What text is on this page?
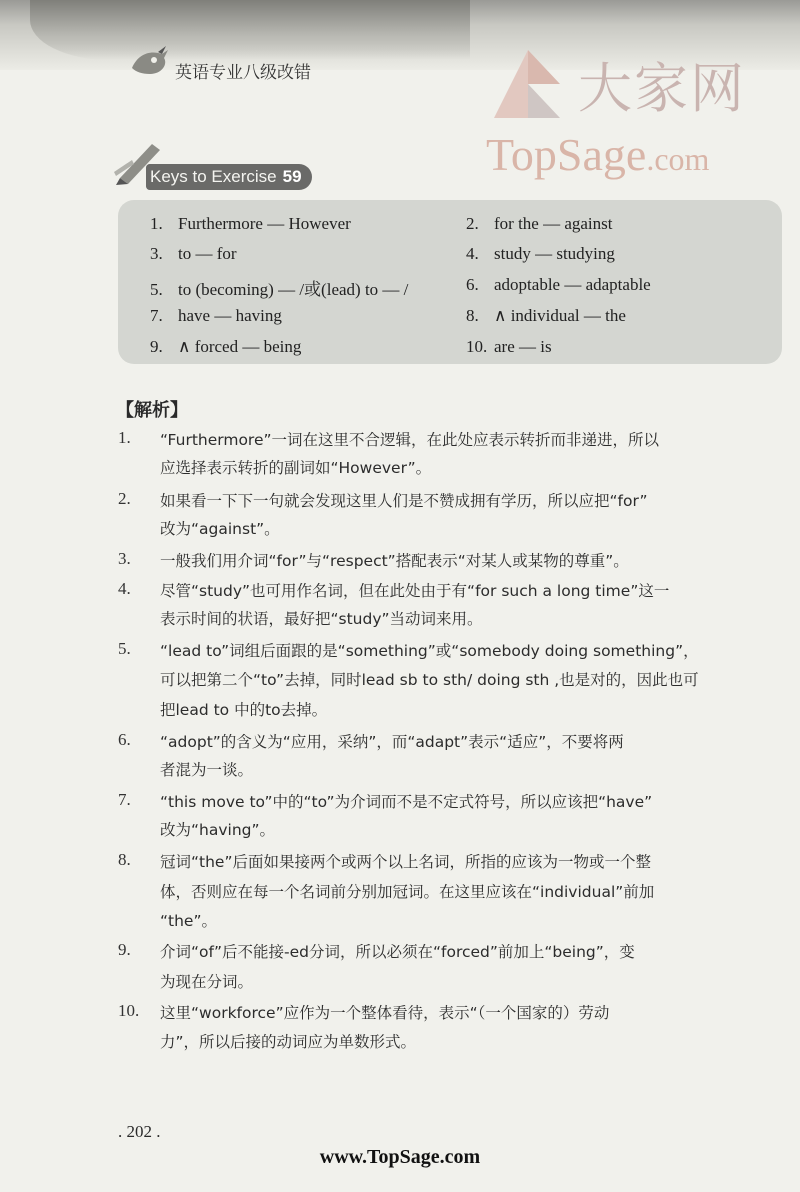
英语专业八级改错	大家网
TopSage.com
Keys to Exercise 59
1. Furthermore — However	2. for the — against
3. to — for	4. study — studying
5. to (becoming) — /或(lead) to — /	6. adoptable — adaptable
7. have — having	8. ∧ individual — the
9. ∧ forced — being	10. are — is
【解析】
1. “Furthermore”一词在这里不合逻辑，在此处应表示转折而非递进，所以
应选择表示转折的副词如“However”。
2. 如果看一下下一句就会发现这里人们是不赞成拥有学历，所以应把“for”
改为“against”。
3. 一般我们用介词“for”与“respect”搭配表示“对某人或某物的尊重”。
4. 尽管“study”也可用作名词，但在此处由于有“for such a long time”这一
表示时间的状语，最好把“study”当动词来用。
5. “lead to”词组后面跟的是“something”或“somebody doing something”，
可以把第二个“to”去掉，同时lead sb to sth/ doing sth ,也是对的，因此也可
把lead to 中的to去掉。
6. “adopt”的含义为“应用，采纳”，而“adapt”表示“适应”，不要将两
者混为一谈。
7. “this move to”中的“to”为介词而不是不定式符号，所以应该把“have”
改为“having”。
8. 冠词“the”后面如果接两个或两个以上名词，所指的应该为一物或一个整
体，否则应在每一个名词前分别加冠词。在这里应该在“individual”前加
“the”。
9. 介词“of”后不能接-ed分词，所以必须在“forced”前加上“being”，变
为现在分词。
10. 这里“workforce”应作为一个整体看待，表示“（一个国家的）劳动
力”，所以后接的动词应为单数形式。
. 202 .
www.TopSage.com
